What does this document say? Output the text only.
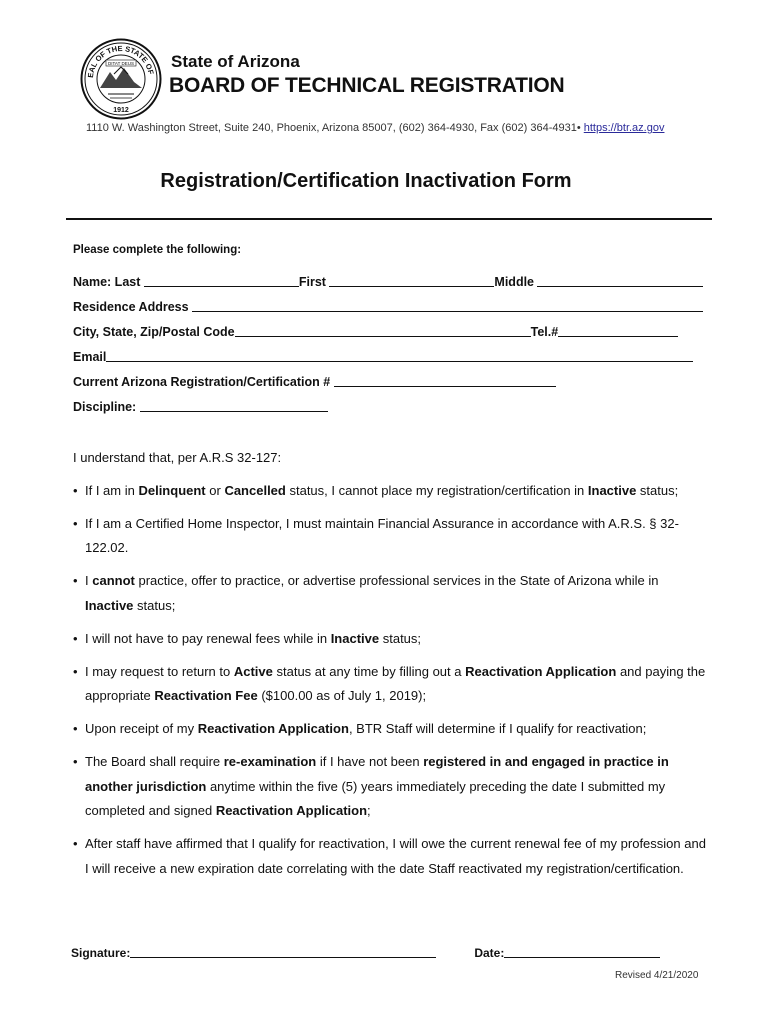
EAL OF THE STATE OF
DITAT DEUS
1912
State of Arizona
BOARD OF TECHNICAL REGISTRATION
1110 W. Washington Street, Suite 240, Phoenix, Arizona 85007, (602) 364-4930, Fax (602) 364-4931• https://btr.az.gov
Registration/Certification Inactivation Form
Please complete the following:
Name: Last	First	Middle
Residence Address
City, State, Zip/Postal Code	Tel.#
Email
Current Arizona Registration/Certification #
Discipline:

I understand that, per A.R.S 32-127:

• If I am in Delinquent or Cancelled status, I cannot place my registration/certification in Inactive status;
• If I am a Certified Home Inspector, I must maintain Financial Assurance in accordance with A.R.S. § 32-122.02.
• I cannot practice, offer to practice, or advertise professional services in the State of Arizona while in Inactive status;
• I will not have to pay renewal fees while in Inactive status;
• I may request to return to Active status at any time by filling out a Reactivation Application and paying the appropriate Reactivation Fee ($100.00 as of July 1, 2019);
• Upon receipt of my Reactivation Application, BTR Staff will determine if I qualify for reactivation;
• The Board shall require re-examination if I have not been registered in and engaged in practice in another jurisdiction anytime within the five (5) years immediately preceding the date I submitted my completed and signed Reactivation Application;
• After staff have affirmed that I qualify for reactivation, I will owe the current renewal fee of my profession and I will receive a new expiration date correlating with the date Staff reactivated my registration/certification.
Signature:	Date:
Revised 4/21/2020
